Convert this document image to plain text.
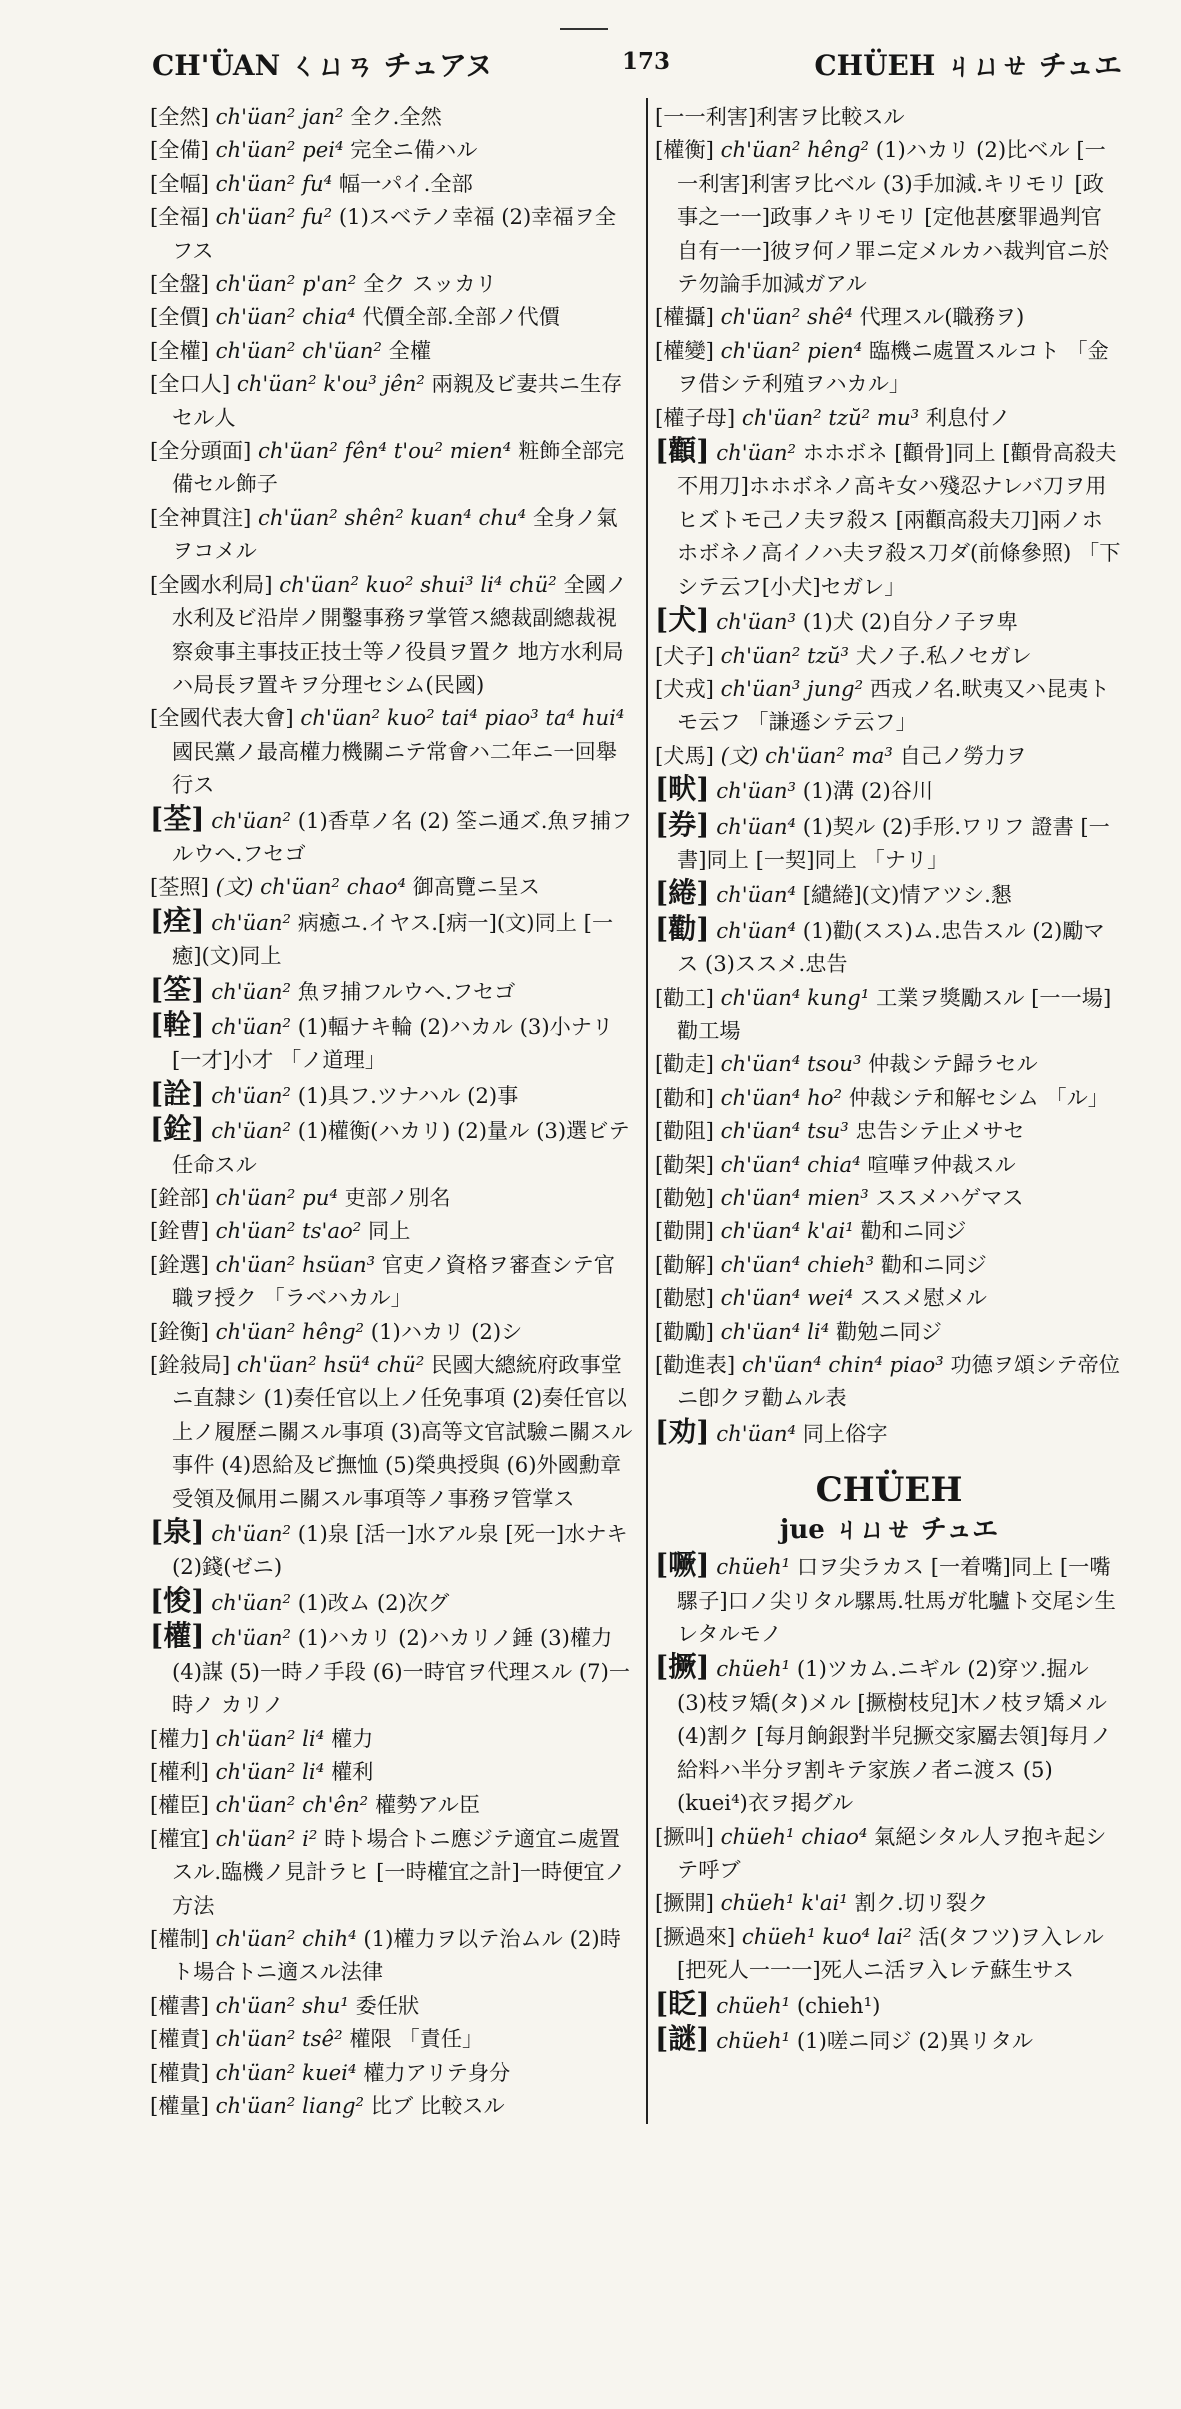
CH'ÜAN ㄑㄩㄢ チュアヌ	173	CHÜEH ㄐㄩㄝ チュエ
[全然] ch'üan² jan² 全ク.全然
[全備] ch'üan² pei⁴ 完全ニ備ハル
[全幅] ch'üan² fu⁴ 幅一パイ.全部
[全福] ch'üan² fu² (1)スベテノ幸福 (2)幸福ヲ全フス
[全盤] ch'üan² p'an² 全ク スッカリ
[全價] ch'üan² chia⁴ 代價全部.全部ノ代價
[全權] ch'üan² ch'üan² 全權
[全口人] ch'üan² k'ou³ jên² 兩親及ビ妻共ニ生存セル人
[全分頭面] ch'üan² fên⁴ t'ou² mien⁴ 粧飾全部完備セル飾子
[全神貫注] ch'üan² shên² kuan⁴ chu⁴ 全身ノ氣ヲコメル
[全國水利局] ch'üan² kuo² shui³ li⁴ chü² 全國ノ水利及ビ沿岸ノ開鑿事務ヲ掌管ス總裁副總裁視察僉事主事技正技士等ノ役員ヲ置ク 地方水利局ハ局長ヲ置キヲ分理セシム(民國)
[全國代表大會] ch'üan² kuo² tai⁴ piao³ ta⁴ hui⁴ 國民黨ノ最高權力機關ニテ常會ハ二年ニ一回舉行ス
[荃] ch'üan² (1)香草ノ名 (2) 筌ニ通ズ.魚ヲ捕フルウヘ.フセゴ
[荃照] (文) ch'üan² chao⁴ 御高覽ニ呈ス
[痊] ch'üan² 病癒ユ.イヤス.[病一](文)同上 [一癒](文)同上
[筌] ch'üan² 魚ヲ捕フルウヘ.フセゴ
[輇] ch'üan² (1)輻ナキ輪 (2)ハカル (3)小ナリ [一才]小才 「ノ道理」
[詮] ch'üan² (1)具フ.ツナハル (2)事
[銓] ch'üan² (1)權衡(ハカリ) (2)量ル (3)選ビテ任命スル
[銓部] ch'üan² pu⁴ 吏部ノ別名
[銓曹] ch'üan² ts'ao² 同上
[銓選] ch'üan² hsüan³ 官吏ノ資格ヲ審查シテ官職ヲ授ク 「ラベハカル」
[銓衡] ch'üan² hêng² (1)ハカリ (2)シ
[銓敍局] ch'üan² hsü⁴ chü² 民國大總統府政事堂ニ直隸シ (1)奏任官以上ノ任免事項 (2)奏任官以上ノ履歷ニ關スル事項 (3)高等文官試驗ニ關スル事件 (4)恩給及ビ撫恤 (5)榮典授與 (6)外國勳章受領及佩用ニ關スル事項等ノ事務ヲ管掌ス
[泉] ch'üan² (1)泉 [活一]水アル泉 [死一]水ナキ (2)錢(ゼニ)
[悛] ch'üan² (1)改ム (2)次グ
[權] ch'üan² (1)ハカリ (2)ハカリノ錘 (3)權力 (4)謀 (5)一時ノ手段 (6)一時官ヲ代理スル (7)一時ノ カリノ
[權力] ch'üan² li⁴ 權力
[權利] ch'üan² li⁴ 權利
[權臣] ch'üan² ch'ên² 權勢アル臣
[權宜] ch'üan² i² 時ト場合トニ應ジテ適宜ニ處置スル.臨機ノ見計ラヒ [一時權宜之計]一時便宜ノ方法
[權制] ch'üan² chih⁴ (1)權力ヲ以テ治ムル (2)時ト場合トニ適スル法律
[權書] ch'üan² shu¹ 委任狀
[權責] ch'üan² tsê² 權限 「責任」
[權貴] ch'üan² kuei⁴ 權力アリテ身分
[權量] ch'üan² liang² 比ブ 比較スル
[一一利害]利害ヲ比較スル
[權衡] ch'üan² hêng² (1)ハカリ (2)比ベル [一一利害]利害ヲ比ベル (3)手加減.キリモリ [政事之一一]政事ノキリモリ [定他甚麼罪過判官自有一一]彼ヲ何ノ罪ニ定メルカハ裁判官ニ於テ勿論手加減ガアル
[權攝] ch'üan² shê⁴ 代理スル(職務ヲ)
[權變] ch'üan² pien⁴ 臨機ニ處置スルコト 「金ヲ借シテ利殖ヲハカル」
[權子母] ch'üan² tzŭ² mu³ 利息付ノ
[顴] ch'üan² ホホボネ [顴骨]同上 [顴骨高殺夫不用刀]ホホボネノ高キ女ハ殘忍ナレバ刀ヲ用ヒズトモ己ノ夫ヲ殺ス [兩顴高殺夫刀]兩ノホホボネノ高イノハ夫ヲ殺ス刀ダ(前條參照) 「下シテ云フ[小犬]セガレ」
[犬] ch'üan³ (1)犬 (2)自分ノ子ヲ卑
[犬子] ch'üan² tzŭ³ 犬ノ子.私ノセガレ
[犬戎] ch'üan³ jung² 西戎ノ名.畎夷又ハ昆夷トモ云フ 「謙遜シテ云フ」
[犬馬] (文) ch'üan² ma³ 自己ノ勞力ヲ
[畎] ch'üan³ (1)溝 (2)谷川
[券] ch'üan⁴ (1)契ル (2)手形.ワリフ 證書 [一書]同上 [一契]同上 「ナリ」
[綣] ch'üan⁴ [繾綣](文)情アツシ.懇
[勸] ch'üan⁴ (1)勸(スス)ム.忠告スル (2)勵マス (3)ススメ.忠告
[勸工] ch'üan⁴ kung¹ 工業ヲ獎勵スル [一一場]勸工場
[勸走] ch'üan⁴ tsou³ 仲裁シテ歸ラセル
[勸和] ch'üan⁴ ho² 仲裁シテ和解セシム 「ル」
[勸阻] ch'üan⁴ tsu³ 忠告シテ止メサセ
[勸架] ch'üan⁴ chia⁴ 喧嘩ヲ仲裁スル
[勸勉] ch'üan⁴ mien³ ススメハゲマス
[勸開] ch'üan⁴ k'ai¹ 勸和ニ同ジ
[勸解] ch'üan⁴ chieh³ 勸和ニ同ジ
[勸慰] ch'üan⁴ wei⁴ ススメ慰メル
[勸勵] ch'üan⁴ li⁴ 勸勉ニ同ジ
[勸進表] ch'üan⁴ chin⁴ piao³ 功德ヲ頌シテ帝位ニ卽クヲ勸ムル表
[劝] ch'üan⁴ 同上俗字
CHÜEH
jue ㄐㄩㄝ チュエ
[噘] chüeh¹ 口ヲ尖ラカス [一着嘴]同上 [一嘴騾子]口ノ尖リタル騾馬.牡馬ガ牝驢ト交尾シ生レタルモノ
[撅] chüeh¹ (1)ツカム.ニギル (2)穿ツ.掘ル (3)枝ヲ矯(タ)メル [撅樹枝兒]木ノ枝ヲ矯メル (4)割ク [每月餉銀對半兒撅交家屬去領]每月ノ給料ハ半分ヲ割キテ家族ノ者ニ渡ス (5)(kuei⁴)衣ヲ掲グル
[撅叫] chüeh¹ chiao⁴ 氣絕シタル人ヲ抱キ起シテ呼ブ
[撅開] chüeh¹ k'ai¹ 割ク.切リ裂ク
[撅過來] chüeh¹ kuo⁴ lai² 活(タフツ)ヲ入レル [把死人一一一]死人ニ活ヲ入レテ蘇生サス
[眨] chüeh¹ (chieh¹)
[謎] chüeh¹ (1)嗟ニ同ジ (2)異リタル
